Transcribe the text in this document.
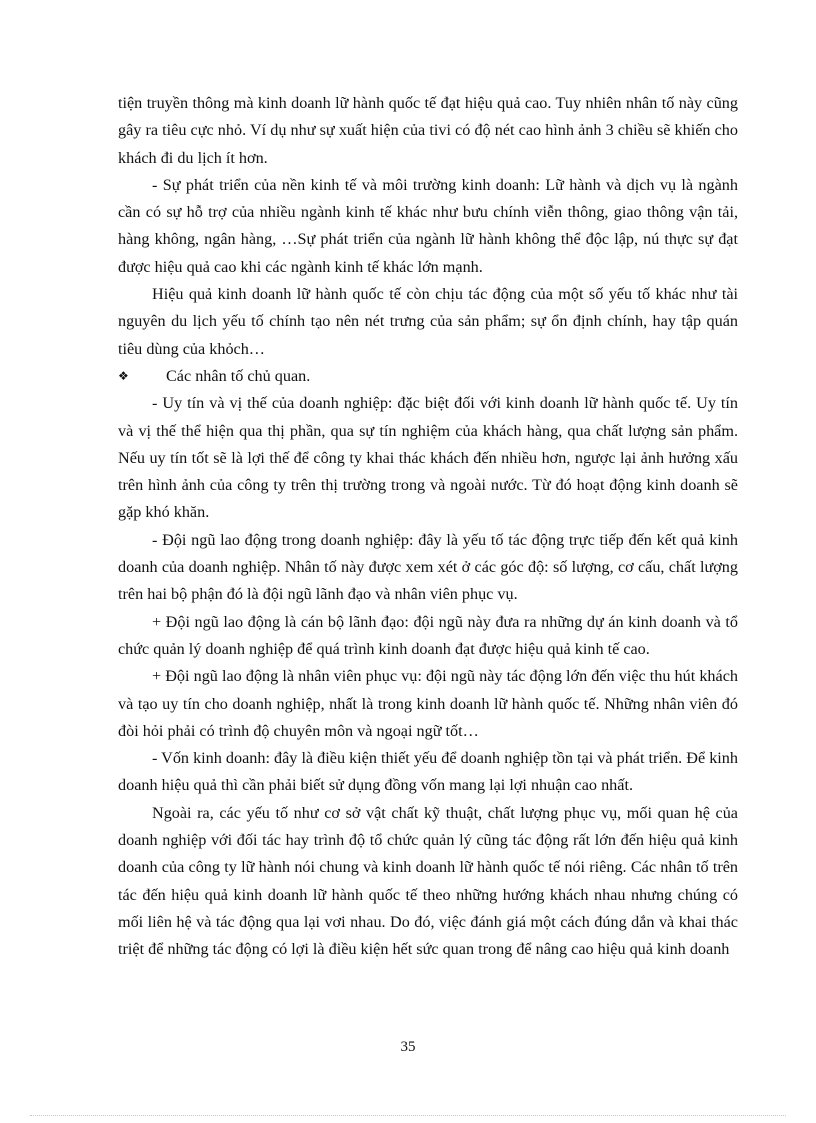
tiện truyền thông mà kinh doanh lữ hành quốc tế đạt hiệu quả cao. Tuy nhiên nhân tố này cũng gây ra tiêu cực nhỏ. Ví dụ như sự xuất hiện của tivi có độ nét cao hình ảnh 3 chiều sẽ khiến cho khách đi du lịch ít hơn.

- Sự phát triển của nền kinh tế và môi trường kinh doanh: Lữ hành và dịch vụ là ngành cần có sự hỗ trợ của nhiều ngành kinh tế khác như bưu chính viễn thông, giao thông vận tải, hàng không, ngân hàng, …Sự phát triển của ngành lữ hành không thể độc lập, nú thực sự đạt được hiệu quả cao khi các ngành kinh tế khác lớn mạnh.

Hiệu quả kinh doanh lữ hành quốc tế còn chịu tác động của một số yếu tố khác như tài nguyên du lịch yếu tố chính tạo nên nét trưng của sản phẩm; sự ổn định chính, hay tập quán tiêu dùng của khỏch…

❖ Các nhân tố chủ quan.

- Uy tín và vị thế của doanh nghiệp: đặc biệt đối với kinh doanh lữ hành quốc tế. Uy tín và vị thế thể hiện qua thị phần, qua sự tín nghiệm của khách hàng, qua chất lượng sản phẩm. Nếu uy tín tốt sẽ là lợi thế để công ty khai thác khách đến nhiều hơn, ngược lại ảnh hưởng xấu trên hình ảnh của công ty trên thị trường trong và ngoài nước. Từ đó hoạt động kinh doanh sẽ gặp khó khăn.

- Đội ngũ lao động trong doanh nghiệp: đây là yếu tố tác động trực tiếp đến kết quả kinh doanh của doanh nghiệp. Nhân tố này được xem xét ở các góc độ: số lượng, cơ cấu, chất lượng trên hai bộ phận đó là đội ngũ lãnh đạo và nhân viên phục vụ.

+ Đội ngũ lao động là cán bộ lãnh đạo: đội ngũ này đưa ra những dự án kinh doanh và tổ chức quản lý doanh nghiệp để quá trình kinh doanh đạt được hiệu quả kinh tế cao.

+ Đội ngũ lao động là nhân viên phục vụ: đội ngũ này tác động lớn đến việc thu hút khách và tạo uy tín cho doanh nghiệp, nhất là trong kinh doanh lữ hành quốc tế. Những nhân viên đó đòi hỏi phải có trình độ chuyên môn và ngoại ngữ tốt…

- Vốn kinh doanh: đây là điều kiện thiết yếu để doanh nghiệp tồn tại và phát triển. Để kinh doanh hiệu quả thì cần phải biết sử dụng đồng vốn mang lại lợi nhuận cao nhất.

Ngoài ra, các yếu tố như cơ sở vật chất kỹ thuật, chất lượng phục vụ, mối quan hệ của doanh nghiệp với đối tác hay trình độ tổ chức quản lý cũng tác động rất lớn đến hiệu quả kinh doanh của công ty lữ hành nói chung và kinh doanh lữ hành quốc tế nói riêng. Các nhân tố trên tác đến hiệu quả kinh doanh lữ hành quốc tế theo những hướng khách nhau nhưng chúng có mối liên hệ và tác động qua lại vơi nhau. Do đó, việc đánh giá một cách đúng dắn và khai thác triệt để những tác động có lợi là điều kiện hết sức quan trong để nâng cao hiệu quả kinh doanh

35
